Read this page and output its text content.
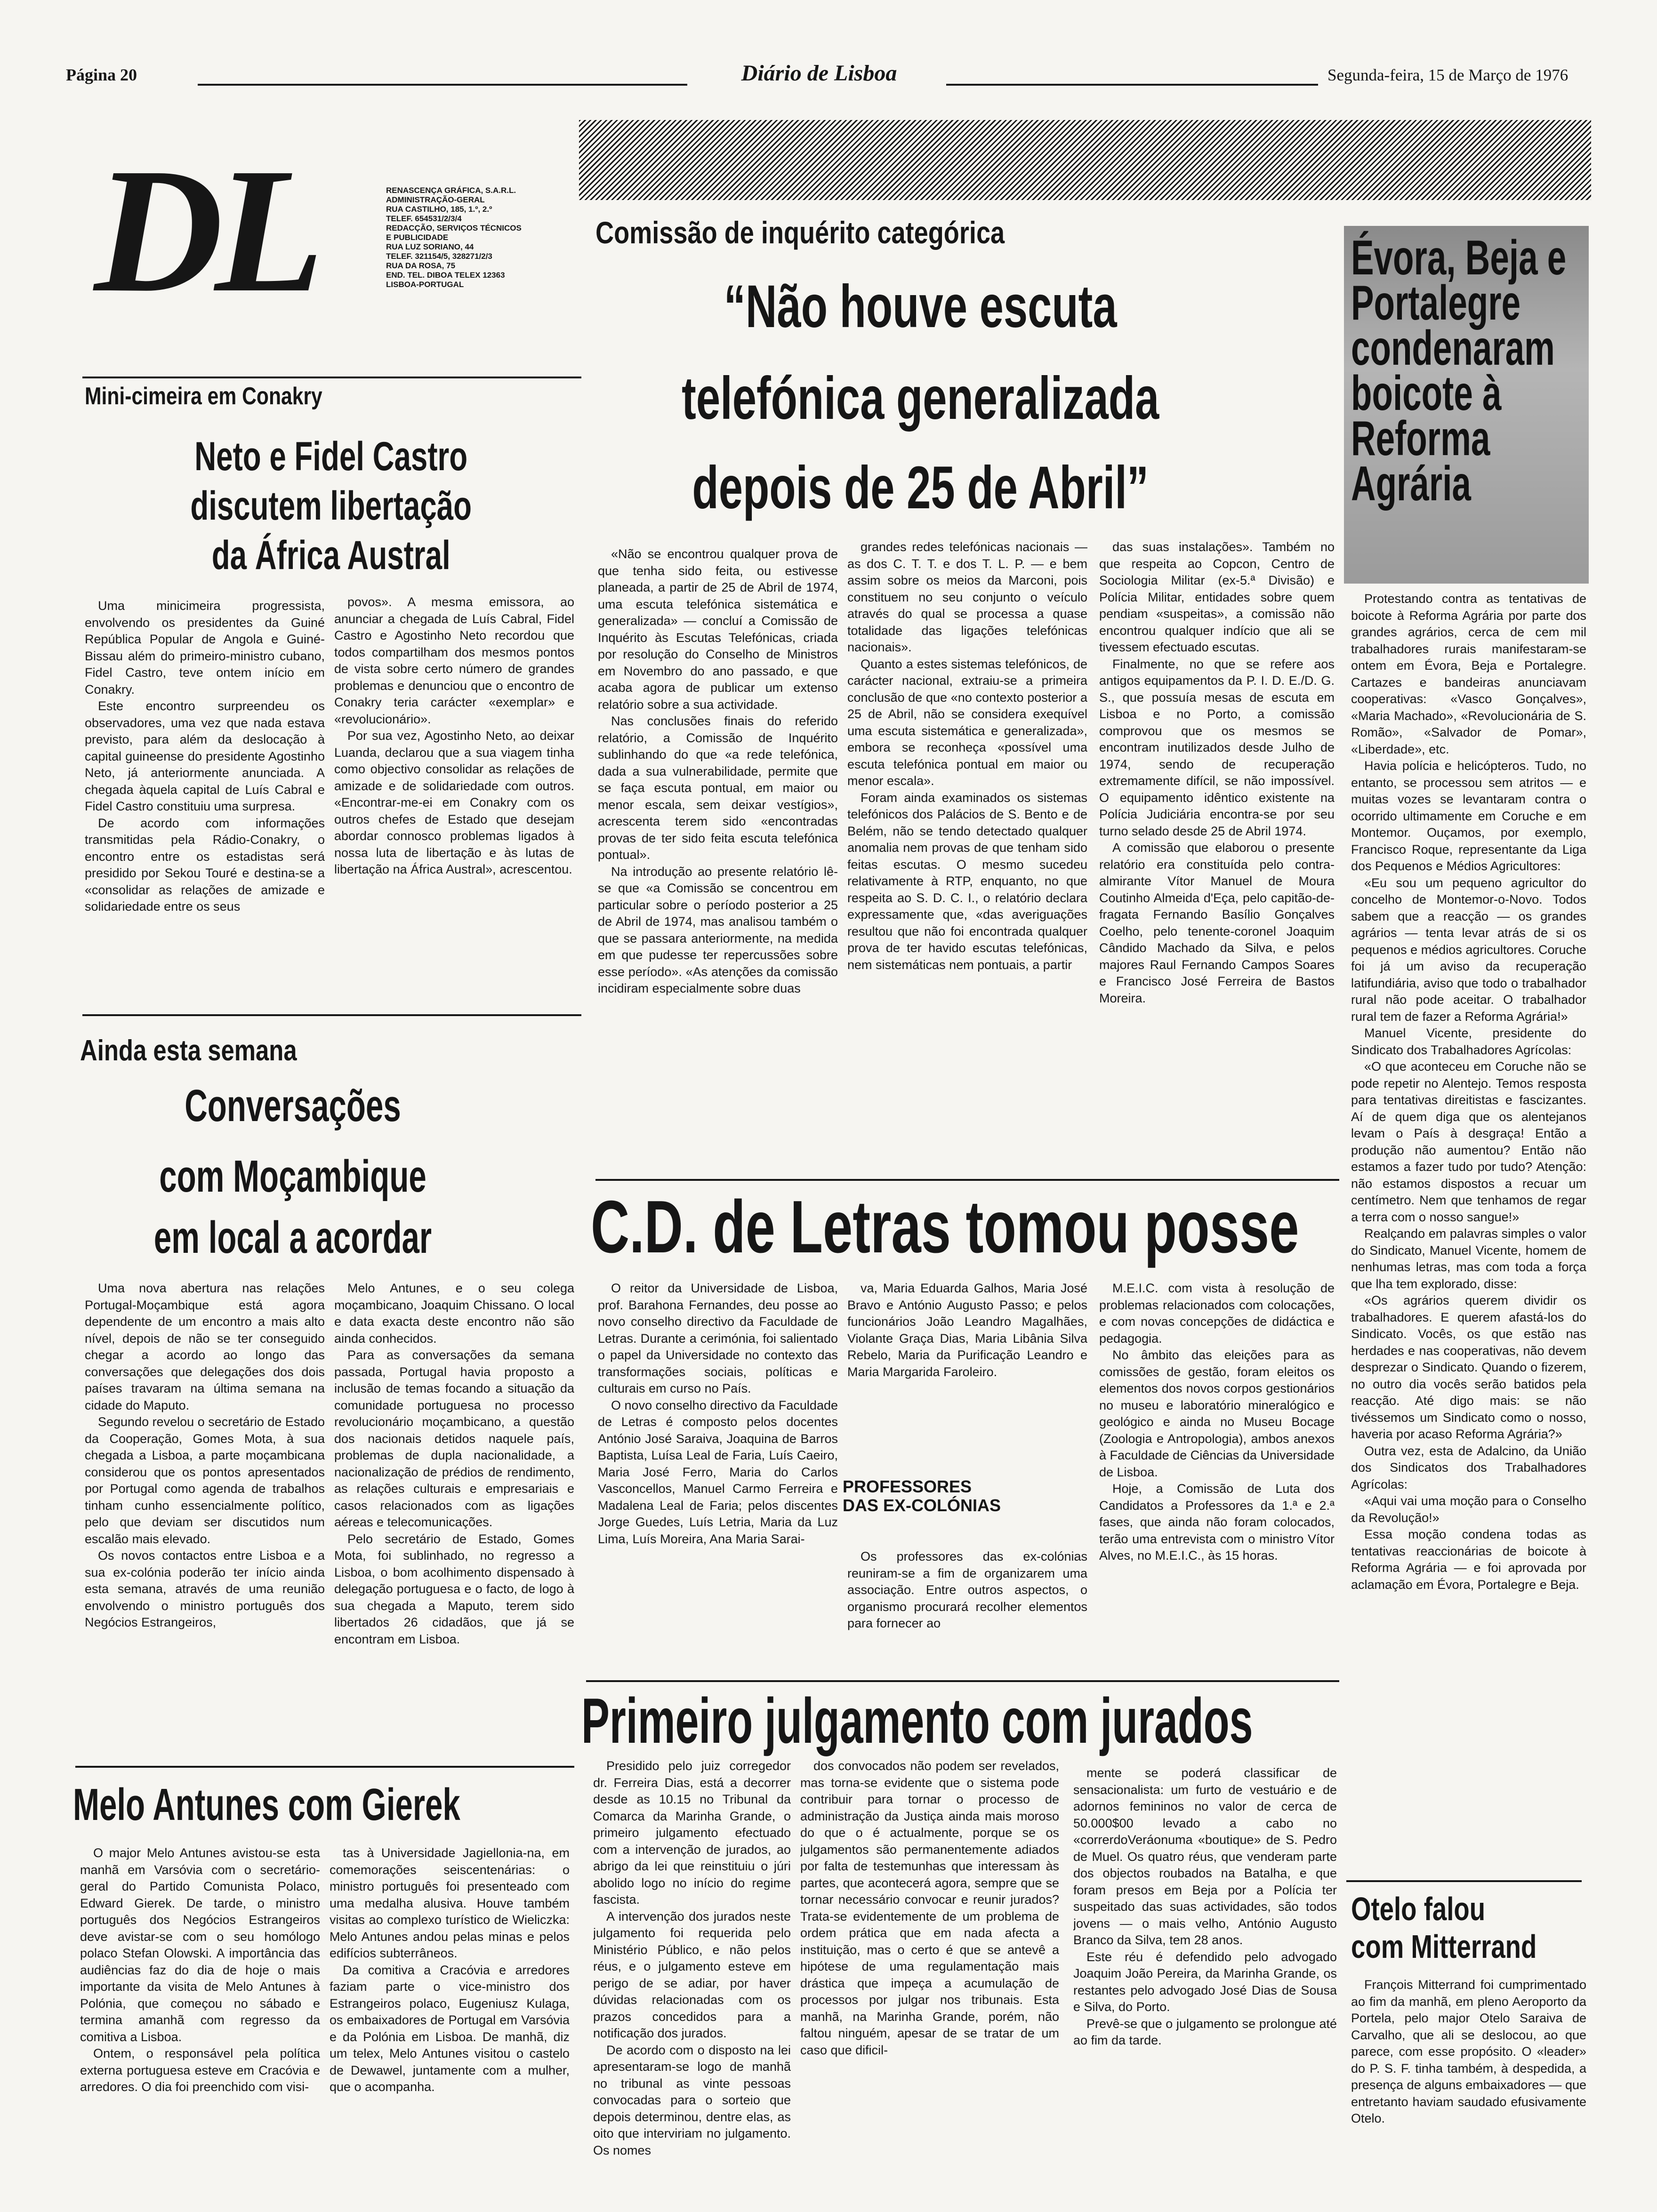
Página 20	Diário de Lisboa	Segunda-feira, 15 de Março de 1976
DL	RENASCENÇA GRÁFICA, S.A.R.L.
ADMINISTRAÇÃO-GERAL
RUA CASTILHO, 185, 1.º, 2.º
TELEF. 654531/2/3/4
REDACÇÃO, SERVIÇOS TÉCNICOS
E PUBLICIDADE
RUA LUZ SORIANO, 44
TELEF. 321154/5, 328271/2/3
RUA DA ROSA, 75
END. TEL. DIBOA TELEX 12363
LISBOA-PORTUGAL
Mini-cimeira em Conakry
Neto e Fidel Castro
discutem libertação
da África Austral

Uma minicimeira progressista, envolvendo os presidentes da Guiné República Popular de Angola e Guiné-Bissau além do primeiro-ministro cubano, Fidel Castro, teve ontem início em Conakry.

Este encontro surpreendeu os observadores, uma vez que nada estava previsto, para além da deslocação à capital guineense do presidente Agostinho Neto, já anteriormente anunciada. A chegada àquela capital de Luís Cabral e Fidel Castro constituiu uma surpresa.

De acordo com informações transmitidas pela Rádio-Conakry, o encontro entre os estadistas será presidido por Sekou Touré e destina-se a «consolidar as relações de amizade e solidariedade entre os seus

povos». A mesma emissora, ao anunciar a chegada de Luís Cabral, Fidel Castro e Agostinho Neto recordou que todos compartilham dos mesmos pontos de vista sobre certo número de grandes problemas e denunciou que o encontro de Conakry teria carácter «exemplar» e «revolucionário».

Por sua vez, Agostinho Neto, ao deixar Luanda, declarou que a sua viagem tinha como objectivo consolidar as relações de amizade e de solidariedade com outros. «Encontrar-me-ei em Conakry com os outros chefes de Estado que desejam abordar connosco problemas ligados à nossa luta de libertação e às lutas de libertação na África Austral», acrescentou.

Ainda esta semana
Conversações
com Moçambique
em local a acordar

Uma nova abertura nas relações Portugal-Moçambique está agora dependente de um encontro a mais alto nível, depois de não se ter conseguido chegar a acordo ao longo das conversações que delegações dos dois países travaram na última semana na cidade do Maputo.

Segundo revelou o secretário de Estado da Cooperação, Gomes Mota, à sua chegada a Lisboa, a parte moçambicana considerou que os pontos apresentados por Portugal como agenda de trabalhos tinham cunho essencialmente político, pelo que deviam ser discutidos num escalão mais elevado.

Os novos contactos entre Lisboa e a sua ex-colónia poderão ter início ainda esta semana, através de uma reunião envolvendo o ministro português dos Negócios Estrangeiros,

Melo Antunes, e o seu colega moçambicano, Joaquim Chissano. O local e data exacta deste encontro não são ainda conhecidos.

Para as conversações da semana passada, Portugal havia proposto a inclusão de temas focando a situação da comunidade portuguesa no processo revolucionário moçambicano, a questão dos nacionais detidos naquele país, problemas de dupla nacionalidade, a nacionalização de prédios de rendimento, as relações culturais e empresariais e casos relacionados com as ligações aéreas e telecomunicações.

Pelo secretário de Estado, Gomes Mota, foi sublinhado, no regresso a Lisboa, o bom acolhimento dispensado à delegação portuguesa e o facto, de logo à sua chegada a Maputo, terem sido libertados 26 cidadãos, que já se encontram em Lisboa.

Melo Antunes com Gierek

O major Melo Antunes avistou-se esta manhã em Varsóvia com o secretário-geral do Partido Comunista Polaco, Edward Gierek. De tarde, o ministro português dos Negócios Estrangeiros deve avistar-se com o seu homólogo polaco Stefan Olowski. A importância das audiências faz do dia de hoje o mais importante da visita de Melo Antunes à Polónia, que começou no sábado e termina amanhã com regresso da comitiva a Lisboa.

Ontem, o responsável pela política externa portuguesa esteve em Cracóvia e arredores. O dia foi preenchido com visi-

tas à Universidade Jagiellonia-na, em comemorações seiscentenárias: o ministro português foi presenteado com uma medalha alusiva. Houve também visitas ao complexo turístico de Wieliczka: Melo Antunes andou pelas minas e pelos edifícios subterrâneos.

Da comitiva a Cracóvia e arredores faziam parte o vice-ministro dos Estrangeiros polaco, Eugeniusz Kulaga, os embaixadores de Portugal em Varsóvia e da Polónia em Lisboa. De manhã, diz um telex, Melo Antunes visitou o castelo de Dewawel, juntamente com a mulher, que o acompanha.

Comissão de inquérito categórica
“Não houve escuta
telefónica generalizada
depois de 25 de Abril”

«Não se encontrou qualquer prova de que tenha sido feita, ou estivesse planeada, a partir de 25 de Abril de 1974, uma escuta telefónica sistemática e generalizada» — concluí a Comissão de Inquérito às Escutas Telefónicas, criada por resolução do Conselho de Ministros em Novembro do ano passado, e que acaba agora de publicar um extenso relatório sobre a sua actividade.

Nas conclusões finais do referido relatório, a Comissão de Inquérito sublinhando do que «a rede telefónica, dada a sua vulnerabilidade, permite que se faça escuta pontual, em maior ou menor escala, sem deixar vestígios», acrescenta terem sido «encontradas provas de ter sido feita escuta telefónica pontual».

Na introdução ao presente relatório lê-se que «a Comissão se concentrou em particular sobre o período posterior a 25 de Abril de 1974, mas analisou também o que se passara anteriormente, na medida em que pudesse ter repercussões sobre esse período». «As atenções da comissão incidiram especialmente sobre duas

grandes redes telefónicas nacionais — as dos C. T. T. e dos T. L. P. — e bem assim sobre os meios da Marconi, pois constituem no seu conjunto o veículo através do qual se processa a quase totalidade das ligações telefónicas nacionais».

Quanto a estes sistemas telefónicos, de carácter nacional, extraiu-se a primeira conclusão de que «no contexto posterior a 25 de Abril, não se considera exequível uma escuta sistemática e generalizada», embora se reconheça «possível uma escuta telefónica pontual em maior ou menor escala».

Foram ainda examinados os sistemas telefónicos dos Palácios de S. Bento e de Belém, não se tendo detectado qualquer anomalia nem provas de que tenham sido feitas escutas. O mesmo sucedeu relativamente à RTP, enquanto, no que respeita ao S. D. C. I., o relatório declara expressamente que, «das averiguações resultou que não foi encontrada qualquer prova de ter havido escutas telefónicas, nem sistemáticas nem pontuais, a partir

das suas instalações». Também no que respeita ao Copcon, Centro de Sociologia Militar (ex-5.ª Divisão) e Polícia Militar, entidades sobre quem pendiam «suspeitas», a comissão não encontrou qualquer indício que ali se tivessem efectuado escutas.

Finalmente, no que se refere aos antigos equipamentos da P. I. D. E./D. G. S., que possuía mesas de escuta em Lisboa e no Porto, a comissão comprovou que os mesmos se encontram inutilizados desde Julho de 1974, sendo de recuperação extremamente difícil, se não impossível. O equipamento idêntico existente na Polícia Judiciária encontra-se por seu turno selado desde 25 de Abril 1974.

A comissão que elaborou o presente relatório era constituída pelo contra-almirante Vítor Manuel de Moura Coutinho Almeida d'Eça, pelo capitão-de-fragata Fernando Basílio Gonçalves Coelho, pelo tenente-coronel Joaquim Cândido Machado da Silva, e pelos majores Raul Fernando Campos Soares e Francisco José Ferreira de Bastos Moreira.

Évora, Beja e Portalegre condenaram boicote à Reforma Agrária

Protestando contra as tentativas de boicote à Reforma Agrária por parte dos grandes agrários, cerca de cem mil trabalhadores rurais manifestaram-se ontem em Évora, Beja e Portalegre. Cartazes e bandeiras anunciavam cooperativas: «Vasco Gonçalves», «Maria Machado», «Revolucionária de S. Romão», «Salvador de Pomar», «Liberdade», etc.

Havia polícia e helicópteros. Tudo, no entanto, se processou sem atritos — e muitas vozes se levantaram contra o ocorrido ultimamente em Coruche e em Montemor. Ouçamos, por exemplo, Francisco Roque, representante da Liga dos Pequenos e Médios Agricultores:

«Eu sou um pequeno agricultor do concelho de Montemor-o-Novo. Todos sabem que a reacção — os grandes agrários — tenta levar atrás de si os pequenos e médios agricultores. Coruche foi já um aviso da recuperação latifundiária, aviso que todo o trabalhador rural não pode aceitar. O trabalhador rural tem de fazer a Reforma Agrária!»

Manuel Vicente, presidente do Sindicato dos Trabalhadores Agrícolas:

«O que aconteceu em Coruche não se pode repetir no Alentejo. Temos resposta para tentativas direitistas e fascizantes. Aí de quem diga que os alentejanos levam o País à desgraça! Então a produção não aumentou? Então não estamos a fazer tudo por tudo? Atenção: não estamos dispostos a recuar um centímetro. Nem que tenhamos de regar a terra com o nosso sangue!»

Realçando em palavras simples o valor do Sindicato, Manuel Vicente, homem de nenhumas letras, mas com toda a força que lha tem explorado, disse:

«Os agrários querem dividir os trabalhadores. E querem afastá-los do Sindicato. Vocês, os que estão nas herdades e nas cooperativas, não devem desprezar o Sindicato. Quando o fizerem, no outro dia vocês serão batidos pela reacção. Até digo mais: se não tivéssemos um Sindicato como o nosso, haveria por acaso Reforma Agrária?»

Outra vez, esta de Adalcino, da União dos Sindicatos dos Trabalhadores Agrícolas:

«Aqui vai uma moção para o Conselho da Revolução!»

Essa moção condena todas as tentativas reaccionárias de boicote à Reforma Agrária — e foi aprovada por aclamação em Évora, Portalegre e Beja.

Otelo falou
com Mitterrand

François Mitterrand foi cumprimentado ao fim da manhã, em pleno Aeroporto da Portela, pelo major Otelo Saraiva de Carvalho, que ali se deslocou, ao que parece, com esse propósito. O «leader» do P. S. F. tinha também, à despedida, a presença de alguns embaixadores — que entretanto haviam saudado efusivamente Otelo.

C.D. de Letras tomou posse

O reitor da Universidade de Lisboa, prof. Barahona Fernandes, deu posse ao novo conselho directivo da Faculdade de Letras. Durante a cerimónia, foi salientado o papel da Universidade no contexto das transformações sociais, políticas e culturais em curso no País.

O novo conselho directivo da Faculdade de Letras é composto pelos docentes António José Saraiva, Joaquina de Barros Baptista, Luísa Leal de Faria, Luís Caeiro, Maria José Ferro, Maria do Carlos Vasconcellos, Manuel Carmo Ferreira e Madalena Leal de Faria; pelos discentes Jorge Guedes, Luís Letria, Maria da Luz Lima, Luís Moreira, Ana Maria Sarai-

va, Maria Eduarda Galhos, Maria José Bravo e António Augusto Passo; e pelos funcionários João Leandro Magalhães, Violante Graça Dias, Maria Libânia Silva Rebelo, Maria da Purificação Leandro e Maria Margarida Faroleiro.

PROFESSORES
DAS EX-COLÓNIAS

Os professores das ex-colónias reuniram-se a fim de organizarem uma associação. Entre outros aspectos, o organismo procurará recolher elementos para fornecer ao

M.E.I.C. com vista à resolução de problemas relacionados com colocações, e com novas concepções de didáctica e pedagogia.

No âmbito das eleições para as comissões de gestão, foram eleitos os elementos dos novos corpos gestionários no museu e laboratório mineralógico e geológico e ainda no Museu Bocage (Zoologia e Antropologia), ambos anexos à Faculdade de Ciências da Universidade de Lisboa.

Hoje, a Comissão de Luta dos Candidatos a Professores da 1.ª e 2.ª fases, que ainda não foram colocados, terão uma entrevista com o ministro Vítor Alves, no M.E.I.C., às 15 horas.

Primeiro julgamento com jurados

Presidido pelo juiz corregedor dr. Ferreira Dias, está a decorrer desde as 10.15 no Tribunal da Comarca da Marinha Grande, o primeiro julgamento efectuado com a intervenção de jurados, ao abrigo da lei que reinstituiu o júri abolido logo no início do regime fascista.

A intervenção dos jurados neste julgamento foi requerida pelo Ministério Público, e não pelos réus, e o julgamento esteve em perigo de se adiar, por haver dúvidas relacionadas com os prazos concedidos para a notificação dos jurados.

De acordo com o disposto na lei apresentaram-se logo de manhã no tribunal as vinte pessoas convocadas para o sorteio que depois determinou, dentre elas, as oito que interviriam no julgamento. Os nomes

dos convocados não podem ser revelados, mas torna-se evidente que o sistema pode contribuir para tornar o processo de administração da Justiça ainda mais moroso do que o é actualmente, porque se os julgamentos são permanentemente adiados por falta de testemunhas que interessam às partes, que acontecerá agora, sempre que se tornar necessário convocar e reunir jurados? Trata-se evidentemente de um problema de ordem prática que em nada afecta a instituição, mas o certo é que se antevê a hipótese de uma regulamentação mais drástica que impeça a acumulação de processos por julgar nos tribunais. Esta manhã, na Marinha Grande, porém, não faltou ninguém, apesar de se tratar de um caso que dificil-

mente se poderá classificar de sensacionalista: um furto de vestuário e de adornos femininos no valor de cerca de 50.000$00 levado a cabo no «correrdoVeráonuma «boutique» de S. Pedro de Muel. Os quatro réus, que venderam parte dos objectos roubados na Batalha, e que foram presos em Beja por a Polícia ter suspeitado das suas actividades, são todos jovens — o mais velho, António Augusto Branco da Silva, tem 28 anos.

Este réu é defendido pelo advogado Joaquim João Pereira, da Marinha Grande, os restantes pelo advogado José Dias de Sousa e Silva, do Porto.

Prevê-se que o julgamento se prolongue até ao fim da tarde.
